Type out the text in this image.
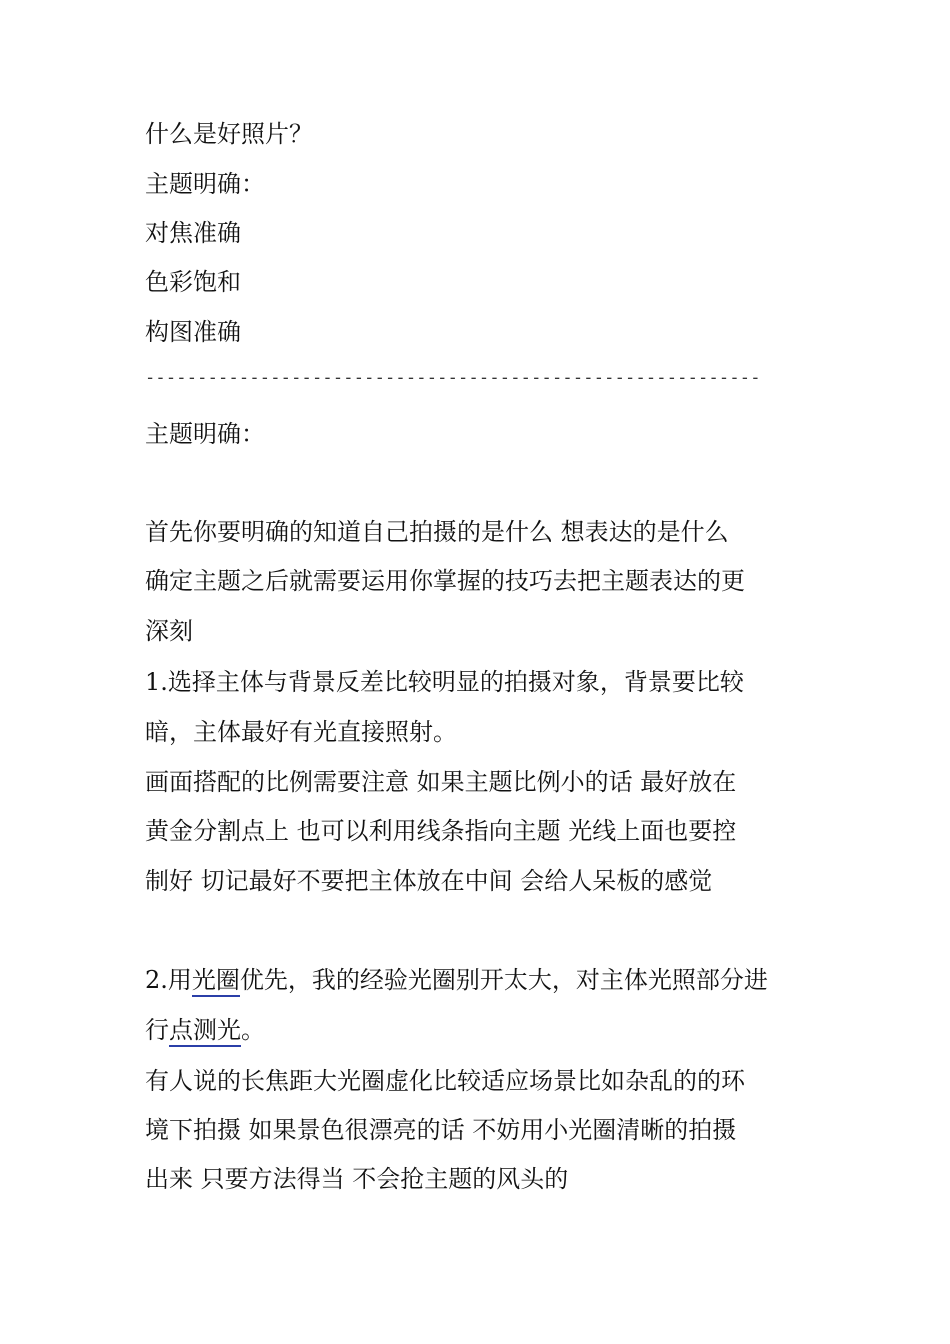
什么是好照片？

主题明确：

对焦准确

色彩饱和

构图准确

-----------------------------------------------------------

主题明确：

首先你要明确的知道自己拍摄的是什么 想表达的是什么

确定主题之后就需要运用你掌握的技巧去把主题表达的更

深刻

1.选择主体与背景反差比较明显的拍摄对象，背景要比较

暗，主体最好有光直接照射。

画面搭配的比例需要注意 如果主题比例小的话 最好放在

黄金分割点上 也可以利用线条指向主题 光线上面也要控

制好 切记最好不要把主体放在中间 会给人呆板的感觉

2.用光圈优先，我的经验光圈别开太大，对主体光照部分进

行点测光。

有人说的长焦距大光圈虚化比较适应场景比如杂乱的的环

境下拍摄 如果景色很漂亮的话 不妨用小光圈清晰的拍摄

出来 只要方法得当 不会抢主题的风头的
